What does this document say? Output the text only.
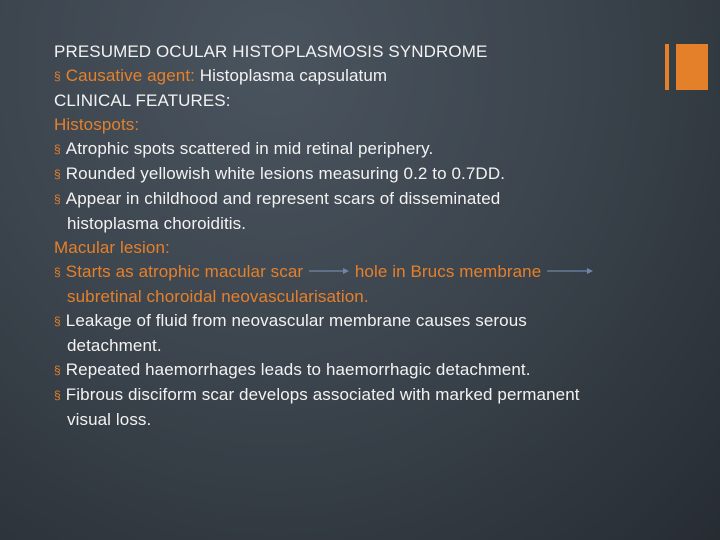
PRESUMED OCULAR HISTOPLASMOSIS SYNDROME
§ Causative agent: Histoplasma capsulatum
CLINICAL FEATURES:
Histospots:
§ Atrophic spots scattered in mid retinal periphery.
§ Rounded yellowish white lesions measuring 0.2 to 0.7DD.
§ Appear in childhood and represent scars of disseminated
histoplasma choroiditis.
Macular lesion:
§ Starts as atrophic macular scar	hole in Brucs membrane
subretinal choroidal neovascularisation.
§ Leakage of fluid from neovascular membrane causes serous
detachment.
§ Repeated haemorrhages leads to haemorrhagic detachment.
§ Fibrous disciform scar develops associated with marked permanent
visual loss.
